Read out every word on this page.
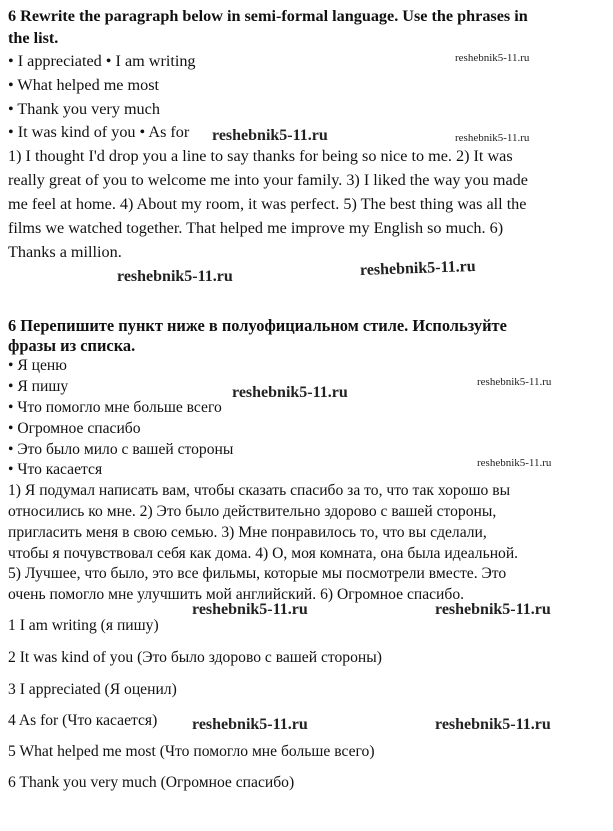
6 Rewrite the paragraph below in semi-formal language. Use the phrases in
the list.
• I appreciated • I am writing
• What helped me most
• Thank you very much
• It was kind of you • As for
1) I thought I'd drop you a line to say thanks for being so nice to me. 2) It was
really great of you to welcome me into your family. 3) I liked the way you made
me feel at home. 4) About my room, it was perfect. 5) The best thing was all the
films we watched together. That helped me improve my English so much. 6)
Thanks a million.
6 Перепишите пункт ниже в полуофициальном стиле. Используйте
фразы из списка.
• Я ценю
• Я пишу
• Что помогло мне больше всего
• Огромное спасибо
• Это было мило с вашей стороны
• Что касается
1) Я подумал написать вам, чтобы сказать спасибо за то, что так хорошо вы
относились ко мне. 2) Это было действительно здорово с вашей стороны,
пригласить меня в свою семью. 3) Мне понравилось то, что вы сделали,
чтобы я почувствовал себя как дома. 4) О, моя комната, она была идеальной.
5) Лучшее, что было, это все фильмы, которые мы посмотрели вместе. Это
очень помогло мне улучшить мой английский. 6) Огромное спасибо.
1 I am writing (я пишу)
2 It was kind of you (Это было здорово с вашей стороны)
3 I appreciated (Я оценил)
4 As for (Что касается)
5 What helped me most (Что помогло мне больше всего)
6 Thank you very much (Огромное спасибо)
reshebnik5-11.ru
reshebnik5-11.ru	reshebnik5-11.ru
reshebnik5-11.ru	reshebnik5-11.ru
reshebnik5-11.ru
reshebnik5-11.ru
reshebnik5-11.ru
reshebnik5-11.ru	reshebnik5-11.ru
reshebnik5-11.ru	reshebnik5-11.ru
